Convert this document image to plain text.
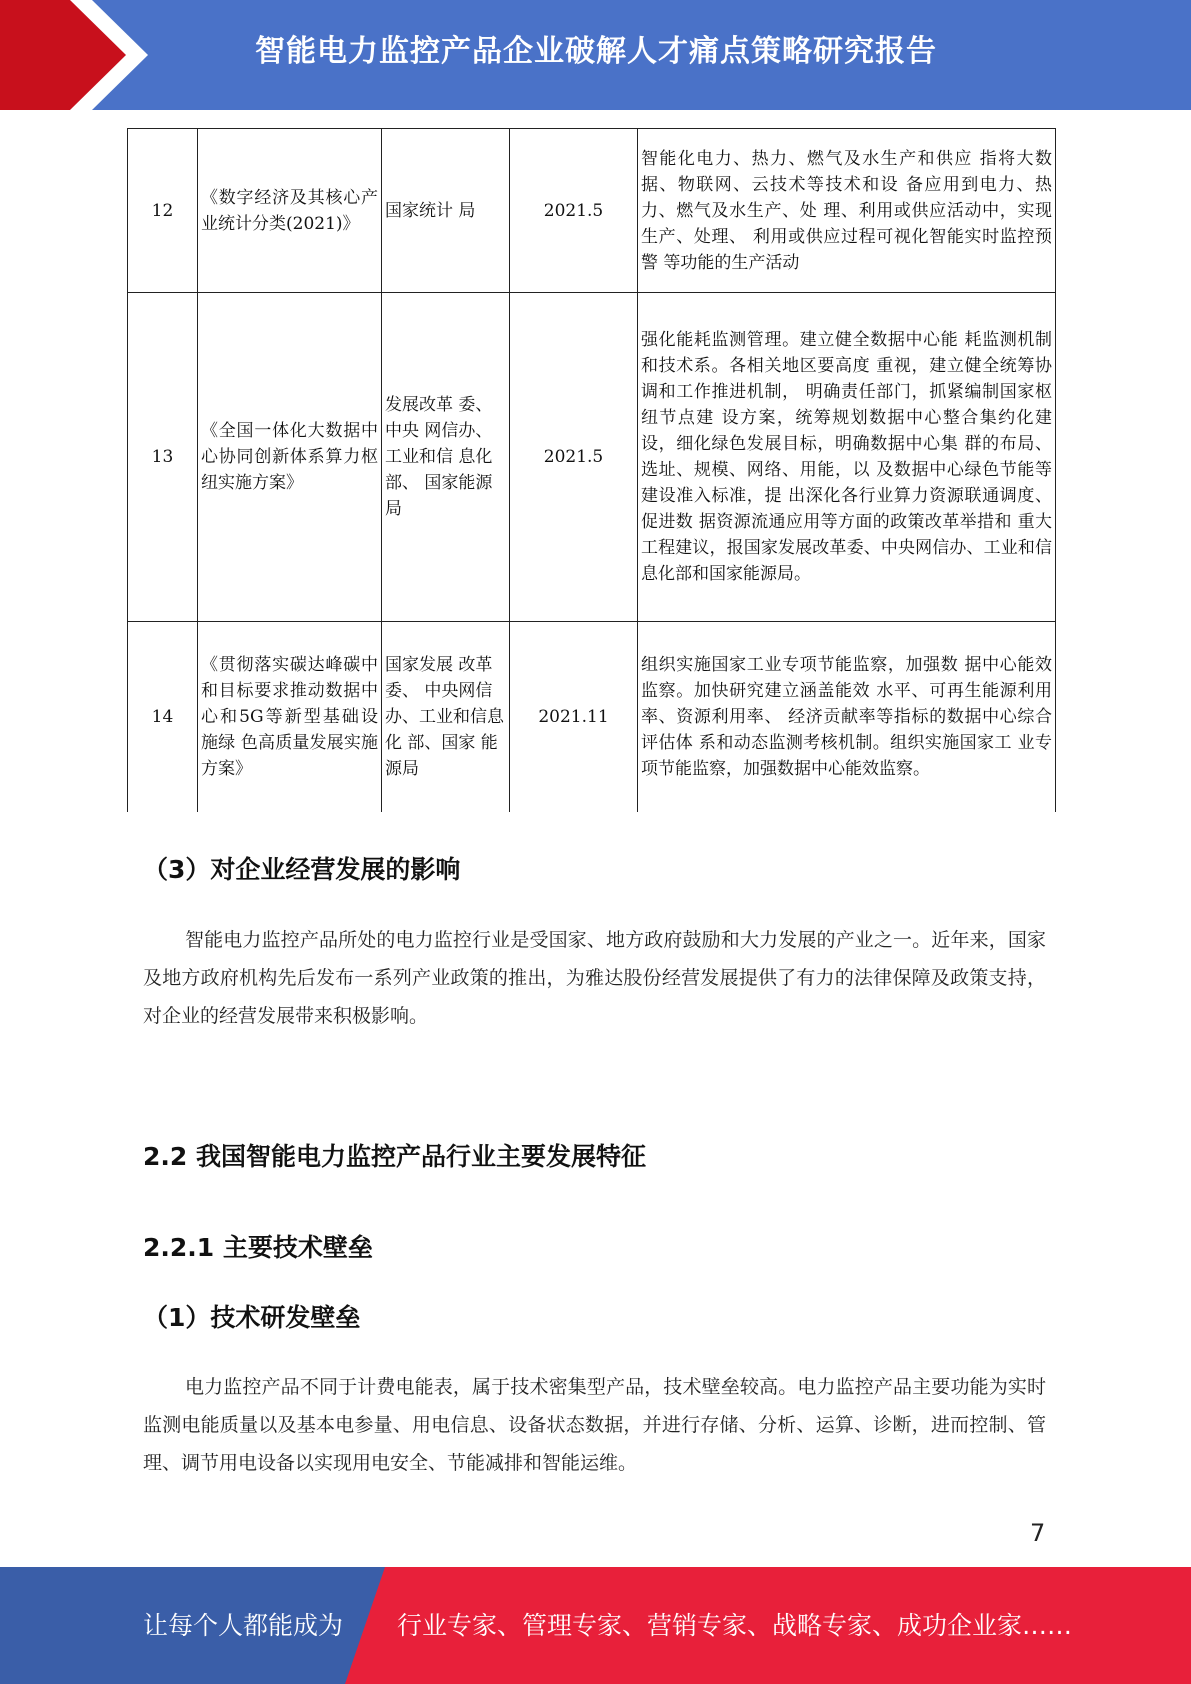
智能电力监控产品企业破解人才痛点策略研究报告
12	《数字经济及其核心产业统计分类(2021)》	国家统计 局	2021.5	智能化电力、热力、燃气及水生产和供应 指将大数据、物联网、云技术等技术和设 备应用到电力、热力、燃气及水生产、处 理、利用或供应活动中，实现生产、处理、 利用或供应过程可视化智能实时监控预警 等功能的生产活动
13	《全国一体化大数据中心协同创新体系算力枢纽实施方案》	发展改革 委、中央 网信办、工业和信 息化部、 国家能源 局	2021.5	强化能耗监测管理。建立健全数据中心能 耗监测机制和技术系。各相关地区要高度 重视，建立健全统筹协调和工作推进机制， 明确责任部门，抓紧编制国家枢纽节点建 设方案，统筹规划数据中心整合集约化建 设，细化绿色发展目标，明确数据中心集 群的布局、选址、规模、网络、用能，以 及数据中心绿色节能等建设准入标准，提 出深化各行业算力资源联通调度、促进数 据资源流通应用等方面的政策改革举措和 重大工程建议，报国家发展改革委、中央网信办、工业和信息化部和国家能源局。
14	《贯彻落实碳达峰碳中和目标要求推动数据中心和5G等新型基础设施绿 色高质量发展实施 方案》	国家发展 改革委、 中央网信 办、工业和信息化 部、国家 能源局	2021.11	组织实施国家工业专项节能监察，加强数 据中心能效监察。加快研究建立涵盖能效 水平、可再生能源利用率、资源利用率、 经济贡献率等指标的数据中心综合评估体 系和动态监测考核机制。组织实施国家工 业专项节能监察，加强数据中心能效监察。
（3）对企业经营发展的影响
智能电力监控产品所处的电力监控行业是受国家、地方政府鼓励和大力发展的产业之一。近年来，国家及地方政府机构先后发布一系列产业政策的推出，为雅达股份经营发展提供了有力的法律保障及政策支持，对企业的经营发展带来积极影响。
2.2 我国智能电力监控产品行业主要发展特征
2.2.1 主要技术壁垒
（1）技术研发壁垒
电力监控产品不同于计费电能表，属于技术密集型产品，技术壁垒较高。电力监控产品主要功能为实时监测电能质量以及基本电参量、用电信息、设备状态数据，并进行存储、分析、运算、诊断，进而控制、管理、调节用电设备以实现用电安全、节能减排和智能运维。
7
让每个人都能成为 行业专家、管理专家、营销专家、战略专家、成功企业家……
